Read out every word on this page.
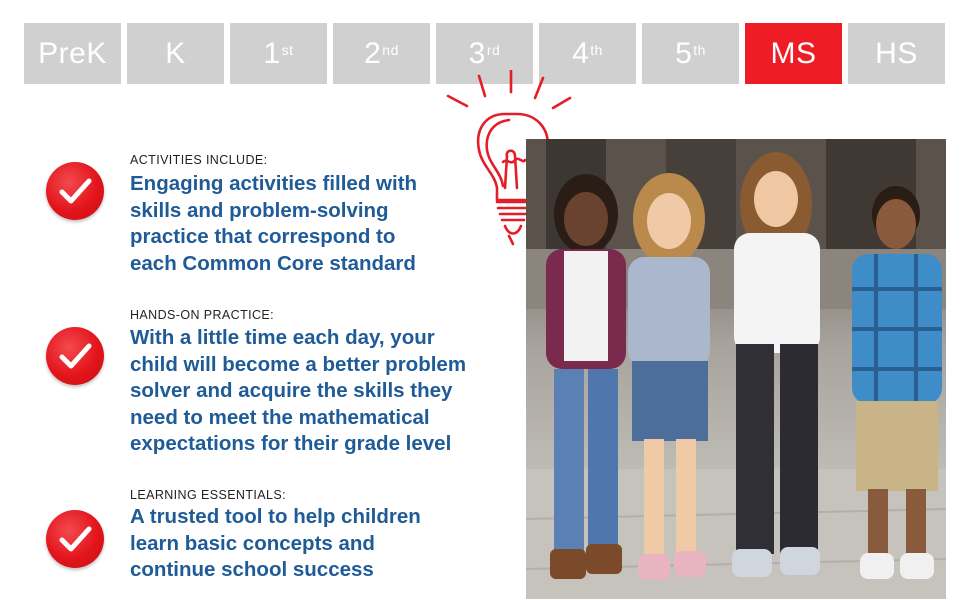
PreK K	1st 2nd 3rd 4th 5th MS HS
ACTIVITIES INCLUDE:
Engaging activities filled with
skills and problem-solving
practice that correspond to
each Common Core standard
HANDS-ON PRACTICE:
With a little time each day, your
child will become a better problem
solver and acquire the skills they
need to meet the mathematical
expectations for their grade level
LEARNING ESSENTIALS:
A trusted tool to help children
learn basic concepts and
continue school success
